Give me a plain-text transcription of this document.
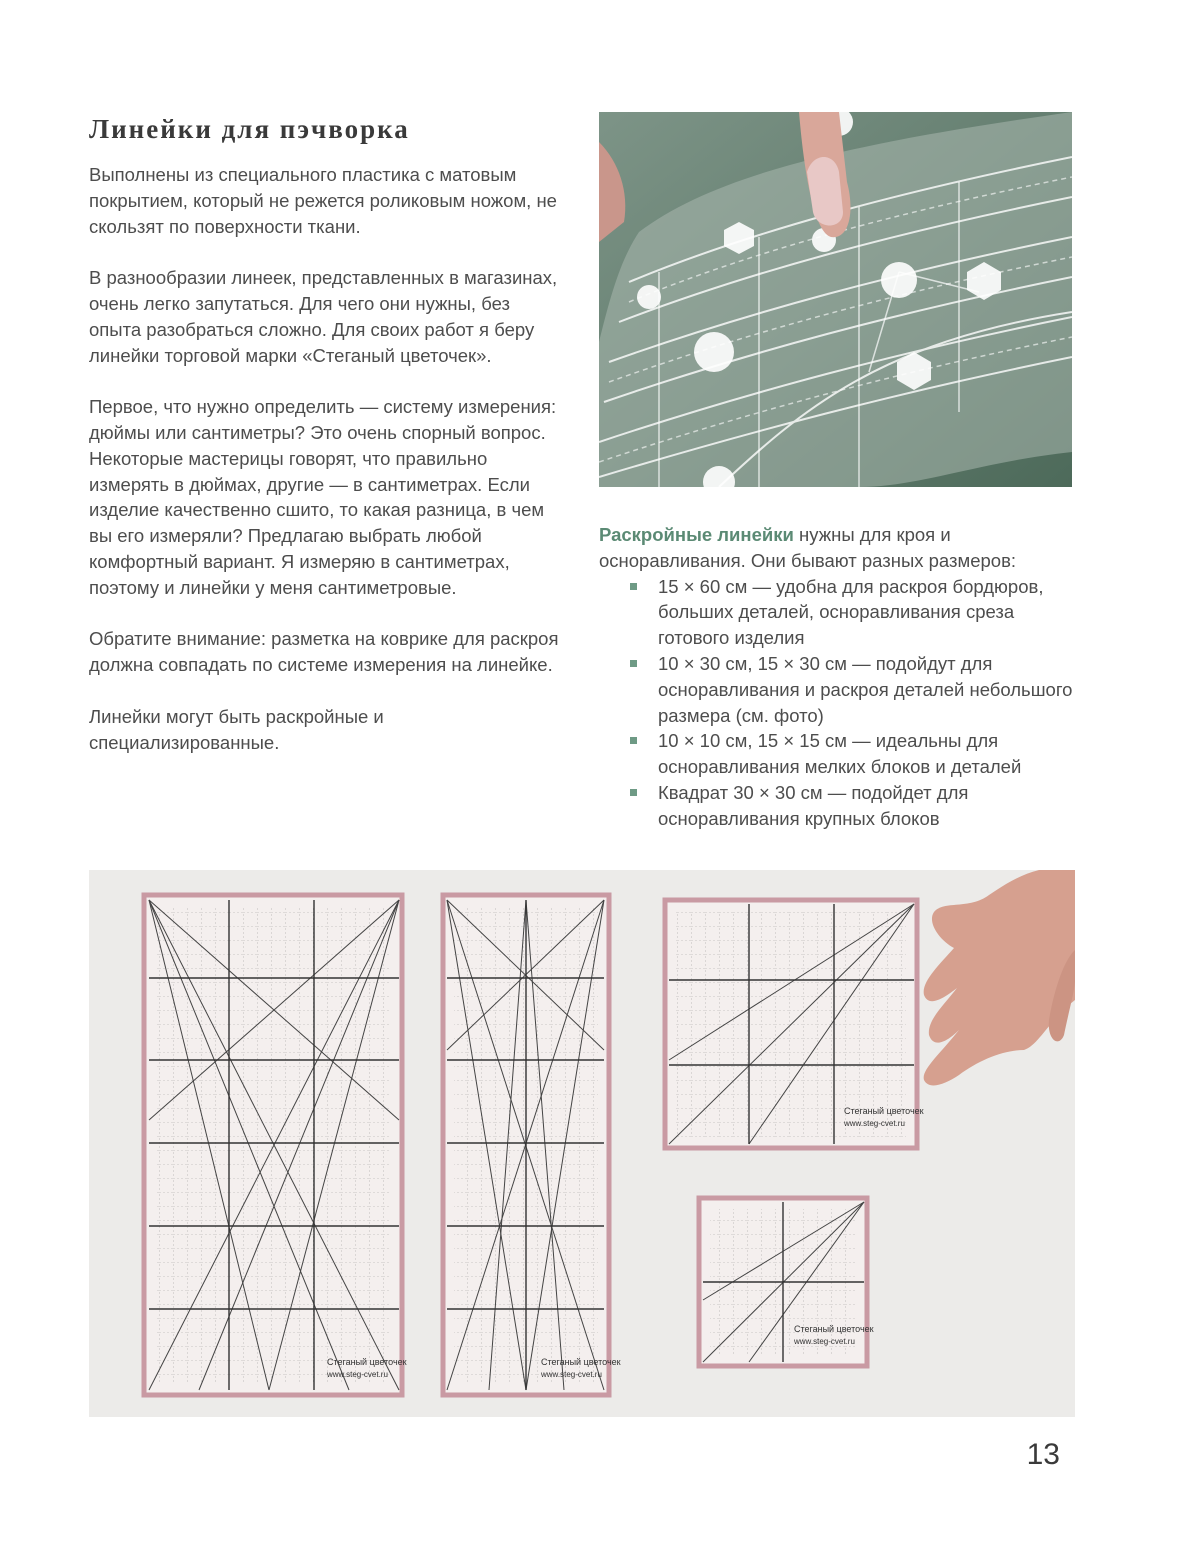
Линейки для пэчворка

Выполнены из специального пластика с матовым покрытием, который не режется роликовым ножом, не скользят по поверхности ткани.

В разнообразии линеек, представленных в магазинах, очень легко запутаться. Для чего они нужны, без опыта разобраться сложно. Для своих работ я беру линейки торговой марки «Стеганый цветочек».

Первое, что нужно определить — систему измерения: дюймы или сантиметры? Это очень спорный вопрос. Некоторые мастерицы говорят, что правильно измерять в дюймах, другие — в сантиметрах. Если изделие качественно сшито, то какая разница, в чем вы его измеряли? Предлагаю выбрать любой комфортный вариант. Я измеряю в сантиметрах, поэтому и линейки у меня сантиметровые.

Обратите внимание: разметка на коврике для раскроя должна совпадать по системе измерения на линейке.

Линейки могут быть раскройные и специализированные.

Раскройные линейки нужны для кроя и осноравливания. Они бывают разных размеров:

15 × 60 см — удобна для раскроя бордюров, больших деталей, осноравливания среза готового изделия
10 × 30 см, 15 × 30 см — подойдут для осноравливания и раскроя деталей небольшого размера (см. фото)
10 × 10 см, 15 × 15 см — идеальны для осноравливания мелких блоков и деталей
Квадрат 30 × 30 см — подойдет для осноравливания крупных блоков
Стеганый цветочек
www.steg-cvet.ru
Стеганый цветочек
www.steg-cvet.ru
Стеганый цветочек
www.steg-cvet.ru
Стеганый цветочек
www.steg-cvet.ru
13
